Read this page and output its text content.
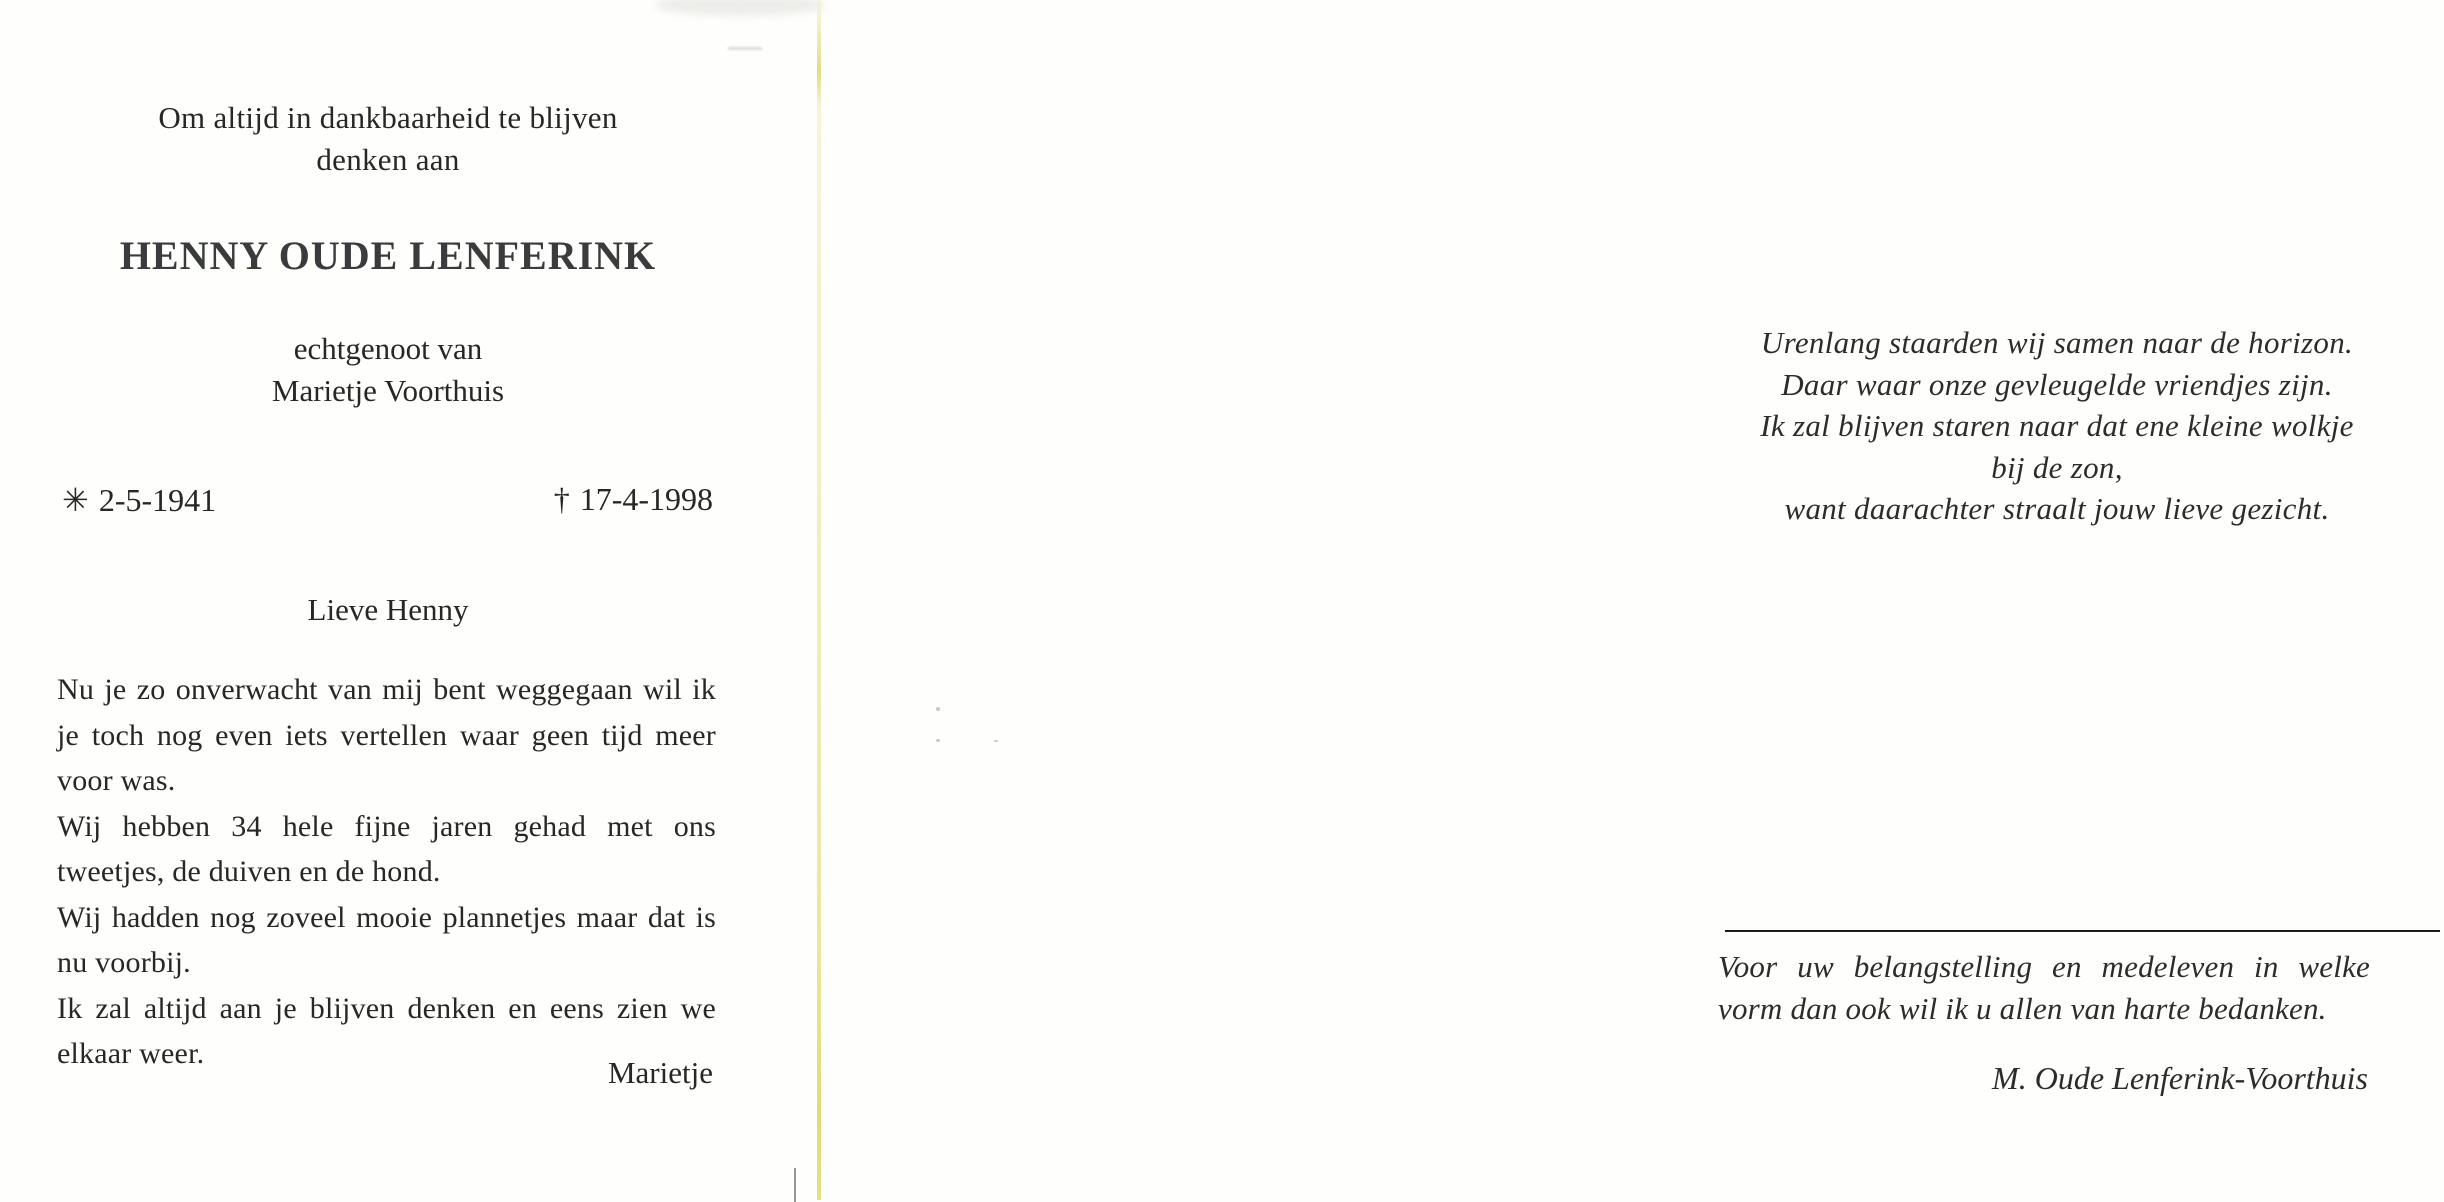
Om altijd in dankbaarheid te blijven
denken aan
HENNY OUDE LENFERINK
echtgenoot van
Marietje Voorthuis
✳ 2-5-1941	† 17-4-1998
Lieve Henny

Nu je zo onverwacht van mij bent weggegaan wil ik je toch nog even iets vertellen waar geen tijd meer voor was.

Wij hebben 34 hele fijne jaren gehad met ons tweetjes, de duiven en de hond.

Wij hadden nog zoveel mooie plannetjes maar dat is nu voorbij.

Ik zal altijd aan je blijven denken en eens zien we elkaar weer.

Marietje
Urenlang staarden wij samen naar de horizon.
Daar waar onze gevleugelde vriendjes zijn.
Ik zal blijven staren naar dat ene kleine wolkje
bij de zon,
want daarachter straalt jouw lieve gezicht.
Voor uw belangstelling en medeleven in welke vorm dan ook wil ik u allen van harte bedanken.
M. Oude Lenferink-Voorthuis
